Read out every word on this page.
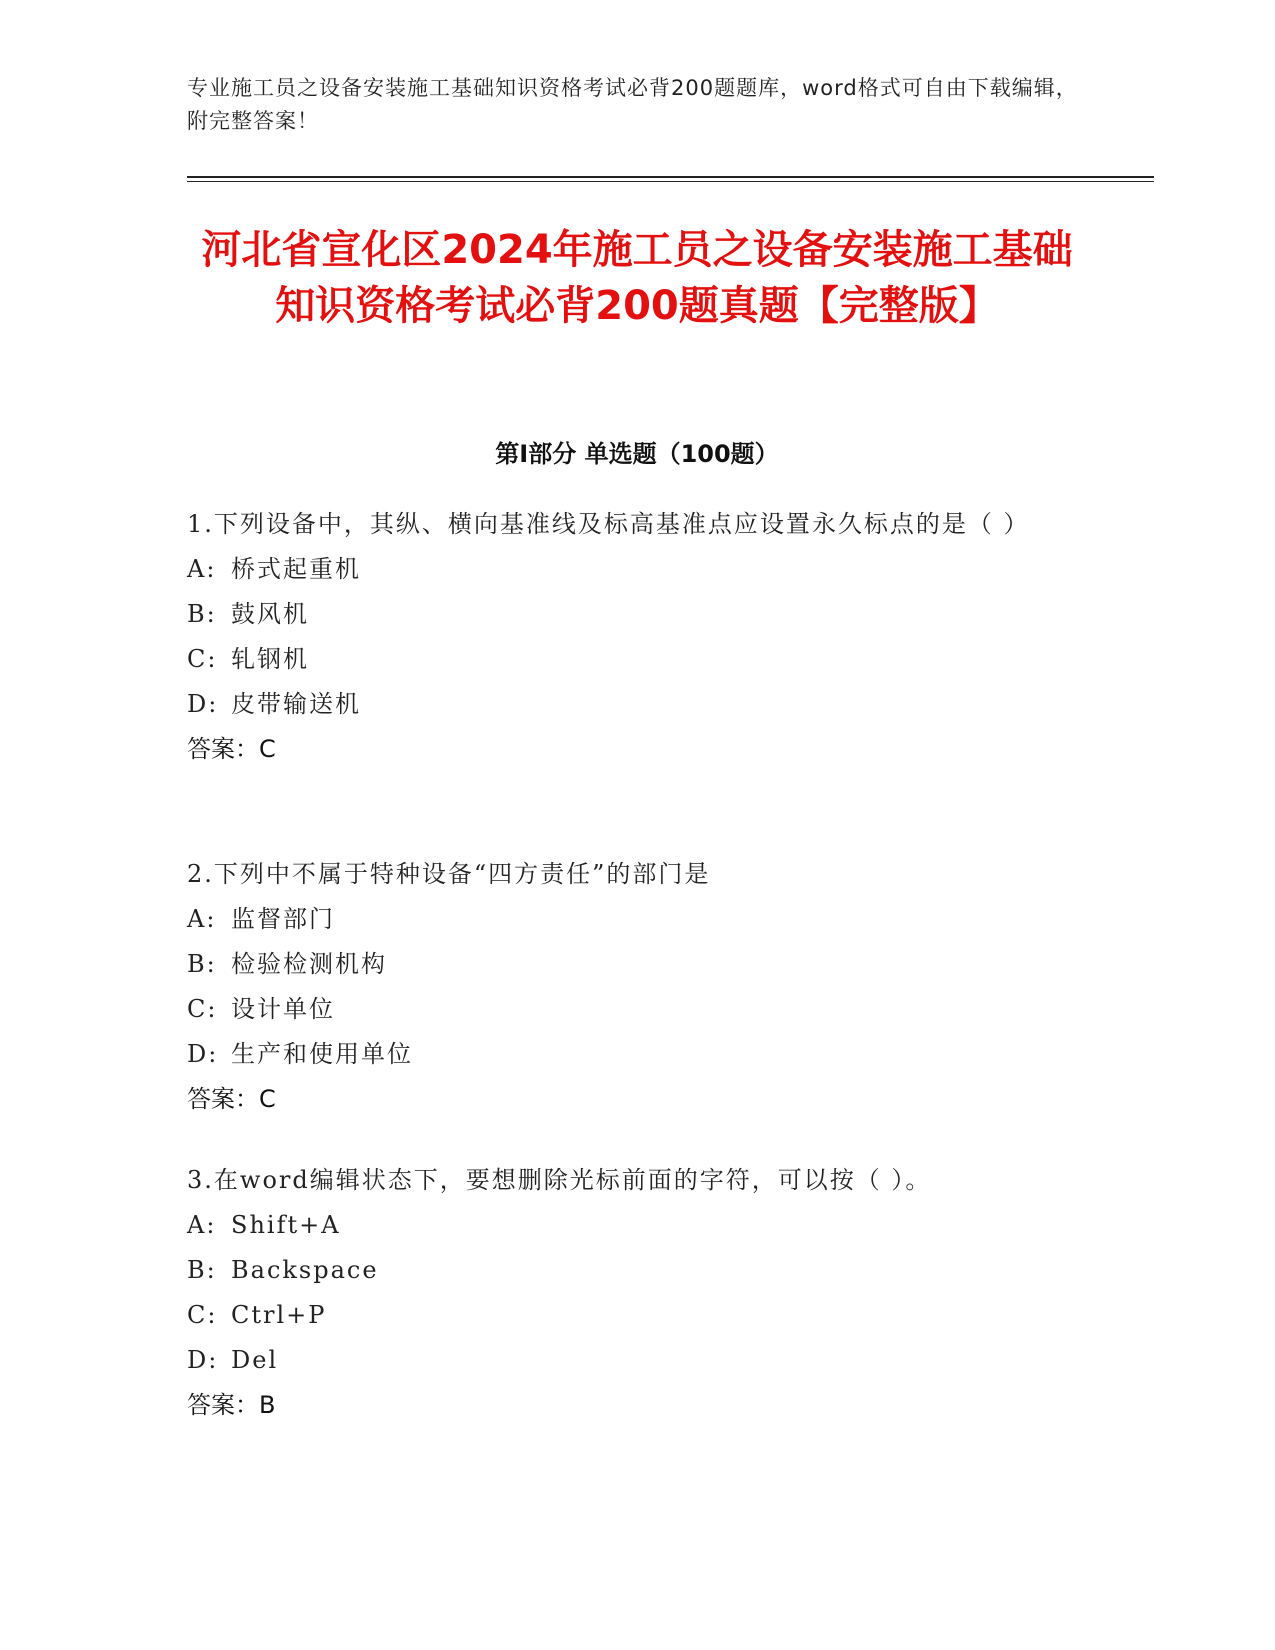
专业施工员之设备安装施工基础知识资格考试必背200题题库，word格式可自由下载编辑，附完整答案！
河北省宣化区2024年施工员之设备安装施工基础知识资格考试必背200题真题【完整版】
第I部分 单选题（100题）

1.下列设备中，其纵、横向基准线及标高基准点应设置永久标点的是（ ）

A: 桥式起重机

B: 鼓风机

C: 轧钢机

D: 皮带输送机

答案：C

2.下列中不属于特种设备“四方责任”的部门是

A: 监督部门

B: 检验检测机构

C: 设计单位

D: 生产和使用单位

答案：C

3.在word编辑状态下，要想删除光标前面的字符，可以按（ ）。

A: Shift+A

B: Backspace

C: Ctrl+P

D: Del

答案：B
